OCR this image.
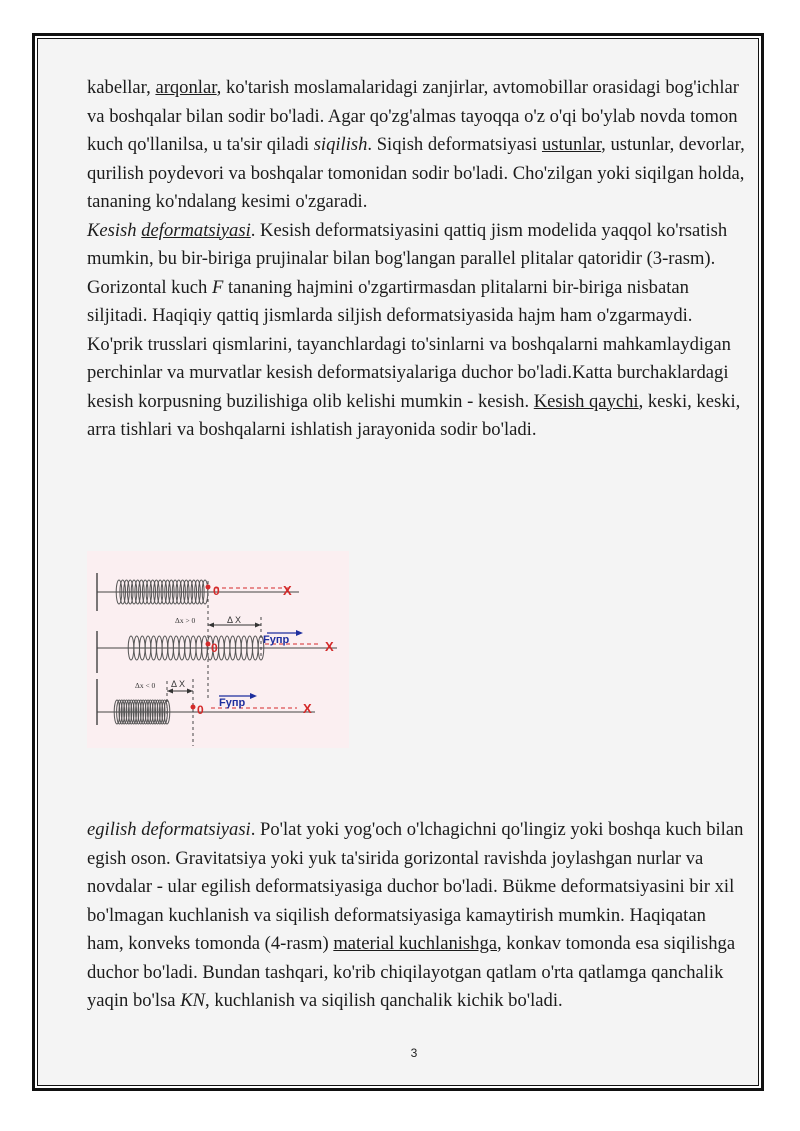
kabellar, arqonlar, ko'tarish moslamalaridagi zanjirlar, avtomobillar orasidagi bog'ichlar va boshqalar bilan sodir bo'ladi. Agar qo'zg'almas tayoqqa o'z o'qi bo'ylab novda tomon kuch qo'llanilsa, u ta'sir qiladi siqilish. Siqish deformatsiyasi ustunlar, ustunlar, devorlar, qurilish poydevori va boshqalar tomonidan sodir bo'ladi. Cho'zilgan yoki siqilgan holda, tananing ko'ndalang kesimi o'zgaradi.

Kesish deformatsiyasi. Kesish deformatsiyasini qattiq jism modelida yaqqol ko'rsatish mumkin, bu bir-biriga prujinalar bilan bog'langan parallel plitalar qatoridir (3-rasm). Gorizontal kuch F tananing hajmini o'zgartirmasdan plitalarni bir-biriga nisbatan siljitadi. Haqiqiy qattiq jismlarda siljish deformatsiyasida hajm ham o'zgarmaydi. Ko'prik trusslari qismlarini, tayanchlardagi to'sinlarni va boshqalarni mahkamlaydigan perchinlar va murvatlar kesish deformatsiyalariga duchor bo'ladi.Katta burchaklardagi kesish korpusning buzilishiga olib kelishi mumkin - kesish. Kesish qaychi, keski, keski, arra tishlari va boshqalarni ishlatish jarayonida sodir bo'ladi.

0	X
Δx > 0	Δ X
Fупр
0	X
Δx < 0 Δ X
Fупр
0	X

egilish deformatsiyasi. Po'lat yoki yog'och o'lchagichni qo'lingiz yoki boshqa kuch bilan egish oson. Gravitatsiya yoki yuk ta'sirida gorizontal ravishda joylashgan nurlar va novdalar - ular egilish deformatsiyasiga duchor bo'ladi. Bükme deformatsiyasini bir xil bo'lmagan kuchlanish va siqilish deformatsiyasiga kamaytirish mumkin. Haqiqatan ham, konveks tomonda (4-rasm) material kuchlanishga, konkav tomonda esa siqilishga duchor bo'ladi. Bundan tashqari, ko'rib chiqilayotgan qatlam o'rta qatlamga qanchalik yaqin bo'lsa KN, kuchlanish va siqilish qanchalik kichik bo'ladi.

3
